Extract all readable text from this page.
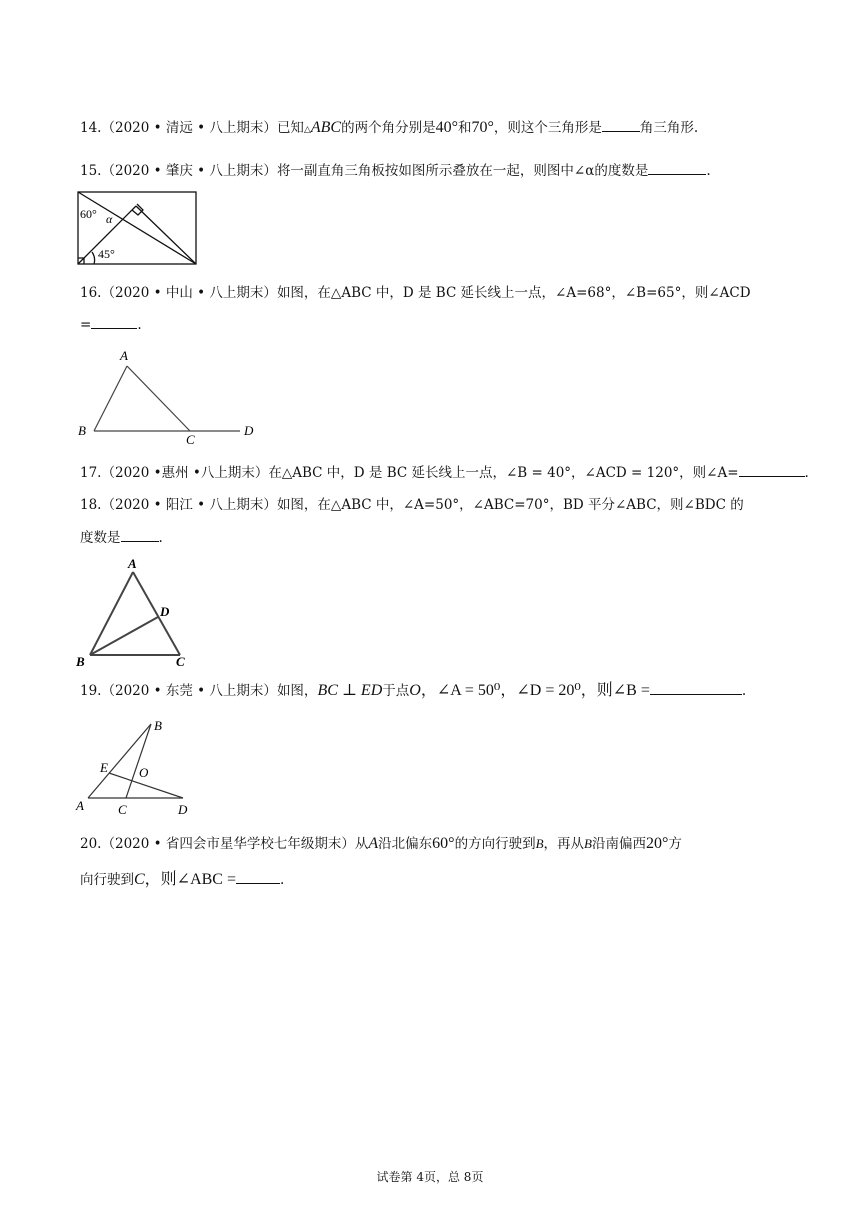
14.（2020 • 清远 • 八上期末）已知△ABC的两个角分别是40°和70°，则这个三角形是	角三角形.
15.（2020 • 肇庆 • 八上期末）将一副直角三角板按如图所示叠放在一起，则图中∠α的度数是	.
60° α
45°
16.（2020 • 中山 • 八上期末）如图，在△ABC 中，D 是 BC 延长线上一点，∠A=68°，∠B=65°，则∠ACD
=	.
A
B
C
D
17.（2020 •惠州 •八上期末）在△ABC 中，D 是 BC 延长线上一点，∠B = 40°，∠ACD = 120°，则∠A=	.
18.（2020 • 阳江 • 八上期末）如图，在△ABC 中，∠A=50°，∠ABC=70°，BD 平分∠ABC，则∠BDC 的
度数是	.
A
B	C
D
19.（2020 • 东莞 • 八上期末）如图，BC ⊥ ED于点O，∠A = 50⁰，∠D = 20⁰，则∠B =	.
B
E O
A	C	D
20.（2020 • 省四会市星华学校七年级期末）从A沿北偏东60°的方向行驶到B，再从B沿南偏西20°方
向行驶到C，则∠ABC =	.
试卷第 4页，总 8页
